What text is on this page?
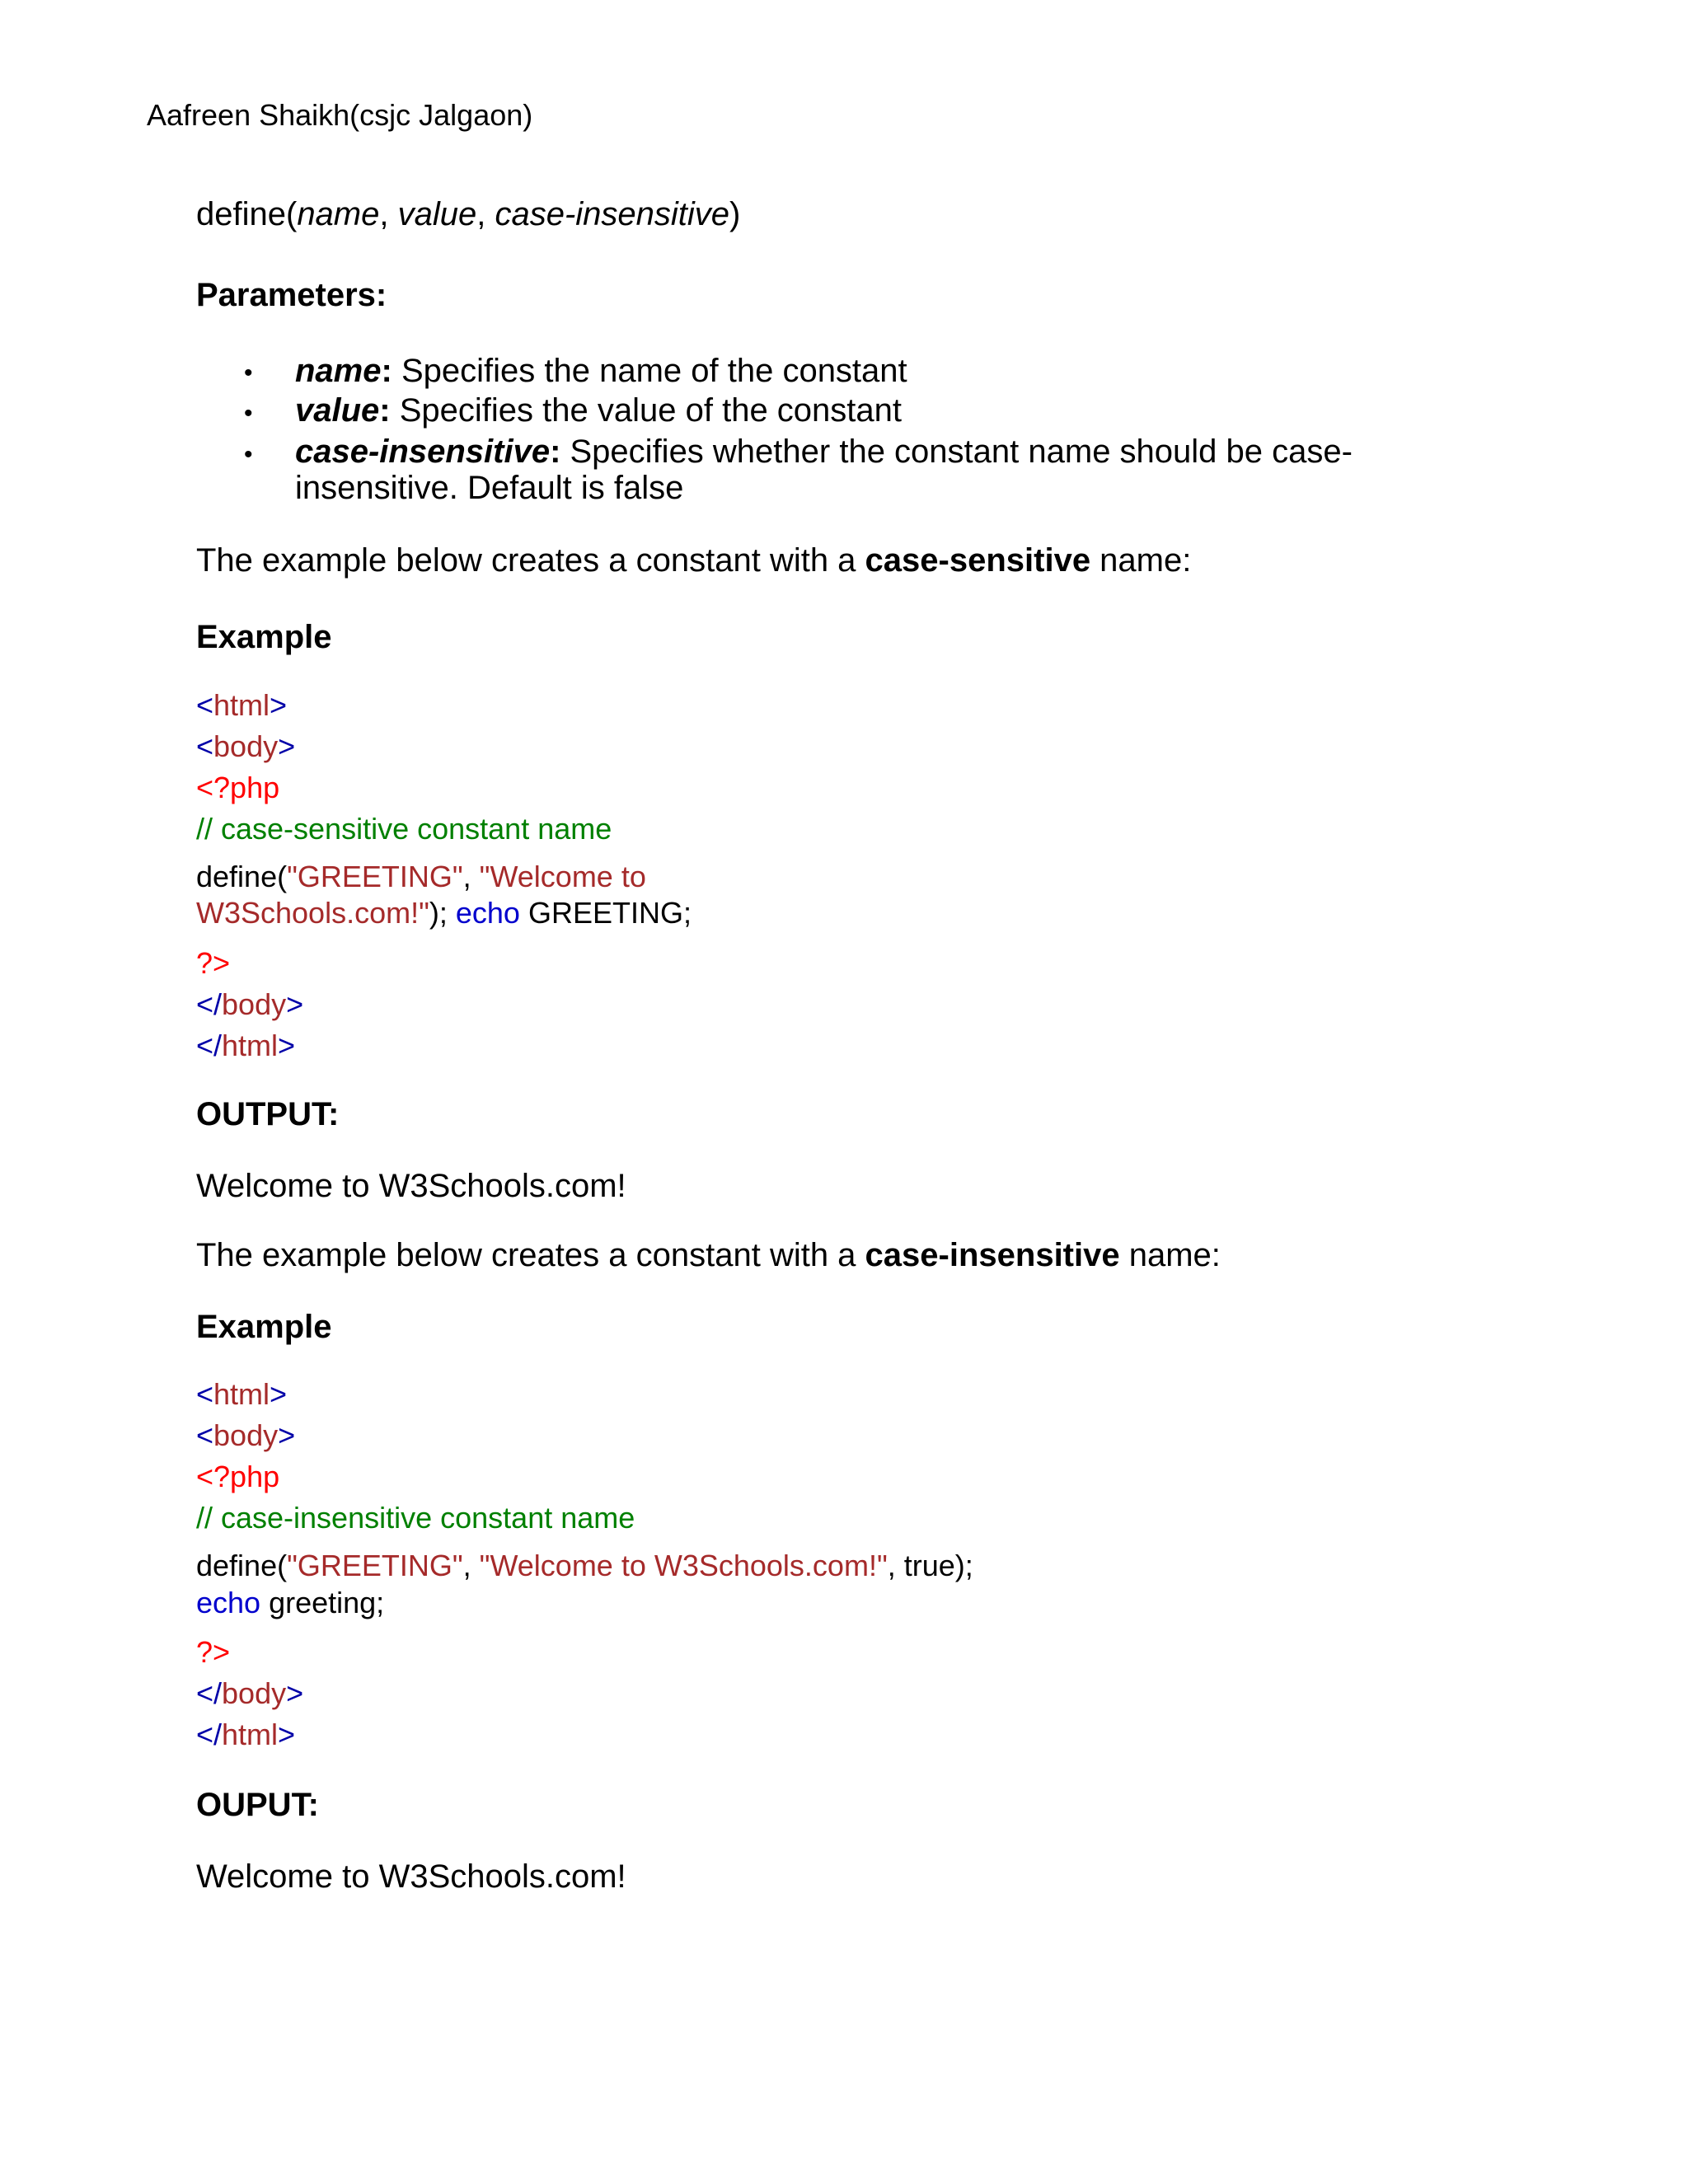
Aafreen Shaikh(csjc Jalgaon)
define(name, value, case-insensitive)
Parameters:
• name: Specifies the name of the constant
• value: Specifies the value of the constant
• case-insensitive: Specifies whether the constant name should be case-
insensitive. Default is false
The example below creates a constant with a case-sensitive name:
Example
<html>
<body>
<?php
// case-sensitive constant name
define("GREETING", "Welcome to
W3Schools.com!"); echo GREETING;
?>
</body>
</html>
OUTPUT:
Welcome to W3Schools.com!
The example below creates a constant with a case-insensitive name:
Example
<html>
<body>
<?php
// case-insensitive constant name
define("GREETING", "Welcome to W3Schools.com!", true);
echo greeting;
?>
</body>
</html>
OUPUT:
Welcome to W3Schools.com!
